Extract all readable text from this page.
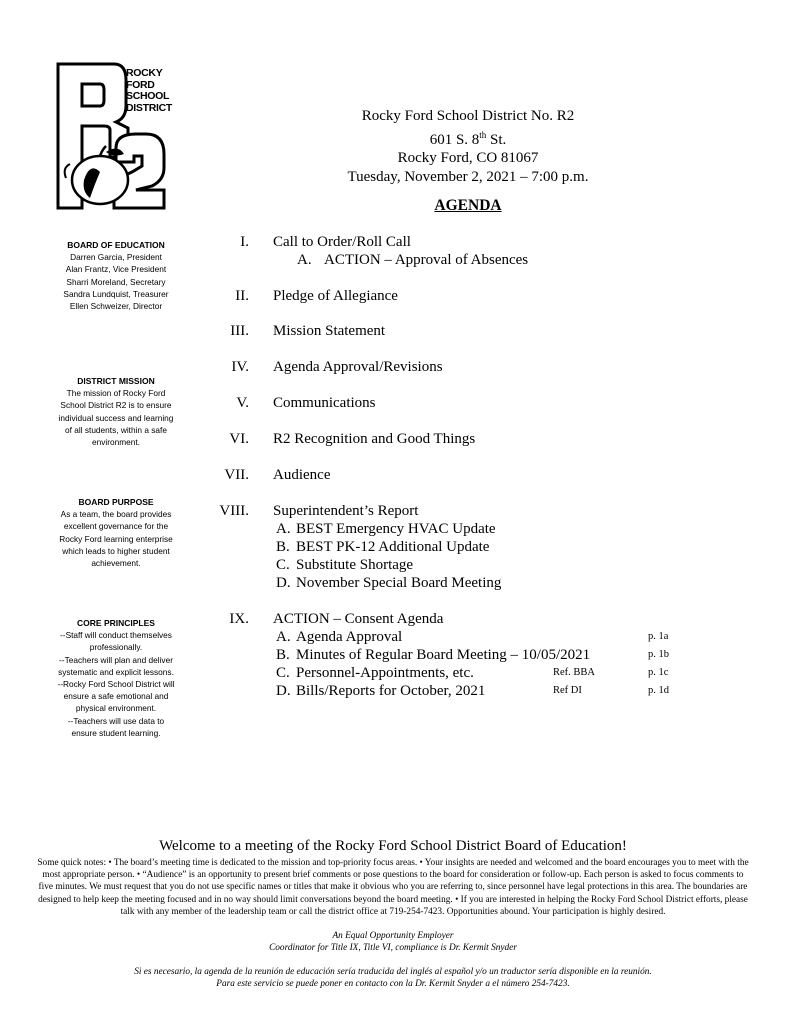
ROCKY
FORD
SCHOOL
DISTRICT
BOARD OF EDUCATION
Darren Garcia, President
Alan Frantz, Vice President
Sharri Moreland, Secretary
Sandra Lundquist, Treasurer
Ellen Schweizer, Director
DISTRICT MISSION
The mission of Rocky Ford
School District R2 is to ensure
individual success and learning
of all students, within a safe
environment.
BOARD PURPOSE
As a team, the board provides
excellent governance for the
Rocky Ford learning enterprise
which leads to higher student
achievement.
CORE PRINCIPLES
--Staff will conduct themselves
professionally.
--Teachers will plan and deliver
systematic and explicit lessons.
--Rocky Ford School District will
ensure a safe emotional and
physical environment.
--Teachers will use data to
ensure student learning.
Rocky Ford School District No. R2
601 S. 8th St.
Rocky Ford, CO 81067
Tuesday, November 2, 2021 – 7:00 p.m.
AGENDA
I. Call to Order/Roll Call
A. ACTION – Approval of Absences
II. Pledge of Allegiance
III. Mission Statement
IV. Agenda Approval/Revisions
V. Communications
VI. R2 Recognition and Good Things
VII. Audience
VIII. Superintendent’s Report
A. BEST Emergency HVAC Update
B. BEST PK-12 Additional Update
C. Substitute Shortage
D. November Special Board Meeting
IX. ACTION – Consent Agenda
A. Agenda Approval	p. 1a
B. Minutes of Regular Board Meeting – 10/05/2021	p. 1b
C. Personnel-Appointments, etc.	Ref. BBA	p. 1c
D. Bills/Reports for October, 2021	Ref DI	p. 1d
Welcome to a meeting of the Rocky Ford School District Board of Education!
Some quick notes: • The board’s meeting time is dedicated to the mission and top-priority focus areas. • Your insights are needed and welcomed and the board encourages you to meet with the most appropriate person. • “Audience” is an opportunity to present brief comments or pose questions to the board for consideration or follow-up. Each person is asked to focus comments to five minutes. We must request that you do not use specific names or titles that make it obvious who you are referring to, since personnel have legal protections in this area. The boundaries are designed to help keep the meeting focused and in no way should limit conversations beyond the board meeting. • If you are interested in helping the Rocky Ford School District efforts, please talk with any member of the leadership team or call the district office at 719-254-7423. Opportunities abound. Your participation is highly desired.
An Equal Opportunity Employer
Coordinator for Title IX, Title VI, compliance is Dr. Kermit Snyder
Si es necesario, la agenda de la reunión de educación sería traducida del inglés al español y/o un traductor sería disponible en la reunión.
Para este servicio se puede poner en contacto con la Dr. Kermit Snyder a el número 254-7423.
